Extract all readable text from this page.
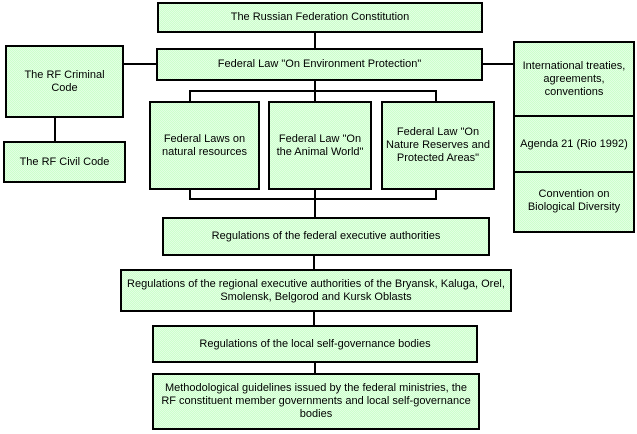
The Russian Federation Constitution
Federal Law "On Environment Protection"
The RF Criminal Code
The RF Civil Code
Federal Laws on natural resources
Federal Law "On the Animal World"
Federal Law "On Nature Reserves and Protected Areas"
International treaties, agreements, conventions
Agenda 21 (Rio 1992)
Convention on Biological Diversity
Regulations of the federal executive authorities
Regulations of the regional executive authorities of the Bryansk, Kaluga, Orel, Smolensk, Belgorod and Kursk Oblasts
Regulations of the local self-governance bodies
Methodological guidelines issued by the federal ministries, the RF constituent member governments and local self-governance bodies
